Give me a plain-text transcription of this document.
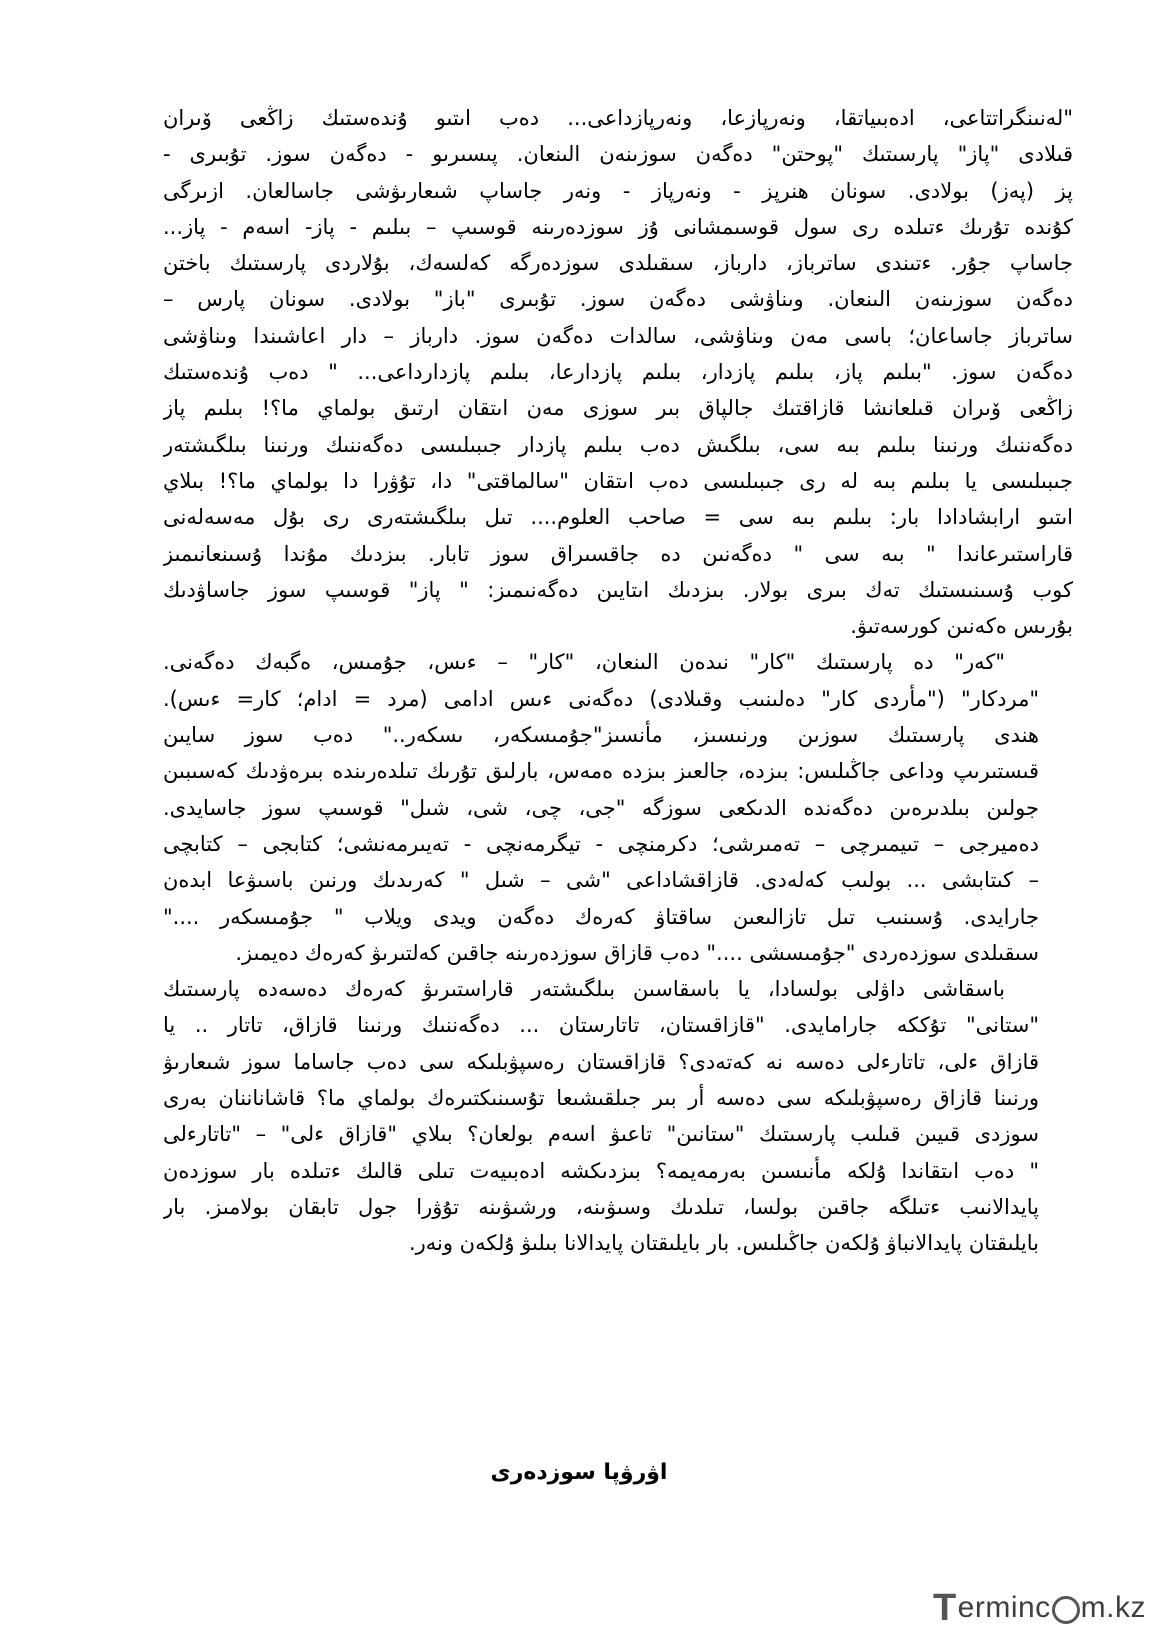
"لەنىنگراتتاعى، ادەبىياتقا، ونەرپازعا، ونەرپازداعى... دەب اىتىو ۇندەستىك زاڭعى ۆىران
قىلادى "پاز" پارسىتىك "پوحتن" دەگەن سوزىنەن الىنعان. پىسىرىو - دەگەن سوز. تۇبىرى -
پز (پەز) بولادى. سونان ھنرپز - ونەرپاز - ونەر جاساپ شىعارىۋشى جاسالعان. ازىرگى
كۇندە تۇرىك ءتىلدە رى سول قوسىمشانى ۇز سوزدەرىنە قوسىپ – بىلىم - پاز- اسەم - پاز...
جاساپ جۇر. ءتىندى ساترباز، دارباز، سىقىلدى سوزدەرگە كەلسەك، بۇلاردى پارسىتىك باختن
دەگەن سوزىنەن الىنعان. وىناۋشى دەگەن سوز. تۇبىرى "باز" بولادى. سونان پارس –
ساترباز جاساعان؛ باسى مەن وىناۋشى، سالدات دەگەن سوز. دارباز – دار اعاشىندا وىناۋشى
دەگەن سوز. "بىلىم پاز، بىلىم پازدار، بىلىم پازدارعا، بىلىم پازدارداعى... " دەب ۇندەستىك
زاڭعى ۆىران قىلعانشا قازاقتىك جالپاق بىر سوزى مەن اىتقان ارتىق بولماي ما؟! بىلىم پاز
دەگەننىك ورنىنا بىلىم بىە سى، بىلگىش دەب بىلىم پازدار جىبىلىسى دەگەننىك ورنىنا بىلگىشتەر
جىبىلىسى يا بىلىم بىە لە رى جىبىلىسى دەب اىتقان "سالماقتى" دا، تۇۋرا دا بولماي ما؟! بىلاي
اىتىو ارابشادادا بار: بىلىم بىە سى = صاحب العلوم.... تىل بىلگىشتەرى رى بۇل مەسەلەنى
قاراستىرعاندا " بىە سى " دەگەنىن دە جاقسىراق سوز تابار. بىزدىك مۇندا ۇسىنعانىمىز
كوب ۇسىنىستىك تەك بىرى بولار. بىزدىك اىتايىن دەگەنىمىز: " پاز" قوسىپ سوز جاساۋدىك
بۇرىس ەكەنىن كورسەتىۋ.
"كەر" دە پارسىتىك "كار" نىدەن الىنعان، "كار" – ءىس، جۇمىس، ەگبەك دەگەنى.
"مردكار" ("مأردى كار" دەلىنىب وقىلادى) دەگەنى ءىس ادامى (مرد = ادام؛ كار= ءىس).
ھندى پارسىتىك سوزىن ورنىسىز، مأنسىز"جۇمىسكەر، ىسكەر.." دەب سوز سايىن
قىستىرىپ وداعى جاڭىلىس: بىزدە، جالعىز بىزدە ەمەس، بارلىق تۇرىك تىلدەرىندە بىرەۋدىك كەسىبىن
جولىن بىلدىرەىن دەگەندە الدىكعى سوزگە "جى، چى، شى، شىل" قوسىپ سوز جاسايدى.
دەميرجى – تىيمىرچى – تەمىرشى؛ دكرمنچى - تيگرمەنچى - تەيىرمەنشى؛ كتابجى – كتابچى
– كىتابشى ... بولىب كەلەدى. قازاقشاداعى "شى – شىل " كەرىدىك ورنىن باسىۋعا ابدەن
جارايدى. ۇسىنىب تىل تازالىعىن ساقتاۋ كەرەك دەگەن ويدى ويلاب " جۇمىسكەر ...."
سىقىلدى سوزدەردى "جۇمىسشى ...." دەب قازاق سوزدەرىنە جاقىن كەلتىرىۋ كەرەك دەيمىز.
باسقاشى داۋلى بولسادا، يا باسقاسىن بىلگىشتەر قاراستىرىۋ كەرەك دەسەدە پارسىتىك
"ستانى" تۇككە جارامايدى. "قازاقستان، تاتارستان ... دەگەننىك ورنىنا قازاق، تاتار .. يا
قازاق ءلى، تاتارءلى دەسە نە كەتەدى؟ قازاقستان رەسپۋبلىكە سى دەب جاساما سوز شىعارىۋ
ورنىنا قازاق رەسپۋبلىكە سى دەسە أر بىر جىلقىشىعا تۇسىنىكتىرەك بولماي ما؟ قاشاناننان بەرى
سوزدى قىيىن قىلىب پارسىتىك "ستانىن" تاعىۋ اسەم بولعان؟ بىلاي "قازاق ءلى" – "تاتارءلى
" دەب اىتقاندا ۇلكە مأنىسىن بەرمەيمە؟ بىزدىكشە ادەبىيەت تىلى قالىك ءتىلدە بار سوزدەن
پايدالانىب ءتىلگە جاقىن بولسا، تىلدىك وسىۋىنە، ورشىۋىنە تۇۋرا جول تابقان بولامىز. بار
بايلىقتان پايدالانباۋ ۇلكەن جاڭىلىس. بار بايلىقتان پايدالانا بىلىۋ ۇلكەن ونەر.
اۋرۋپا سوزدەرى
T erminc m.kz
